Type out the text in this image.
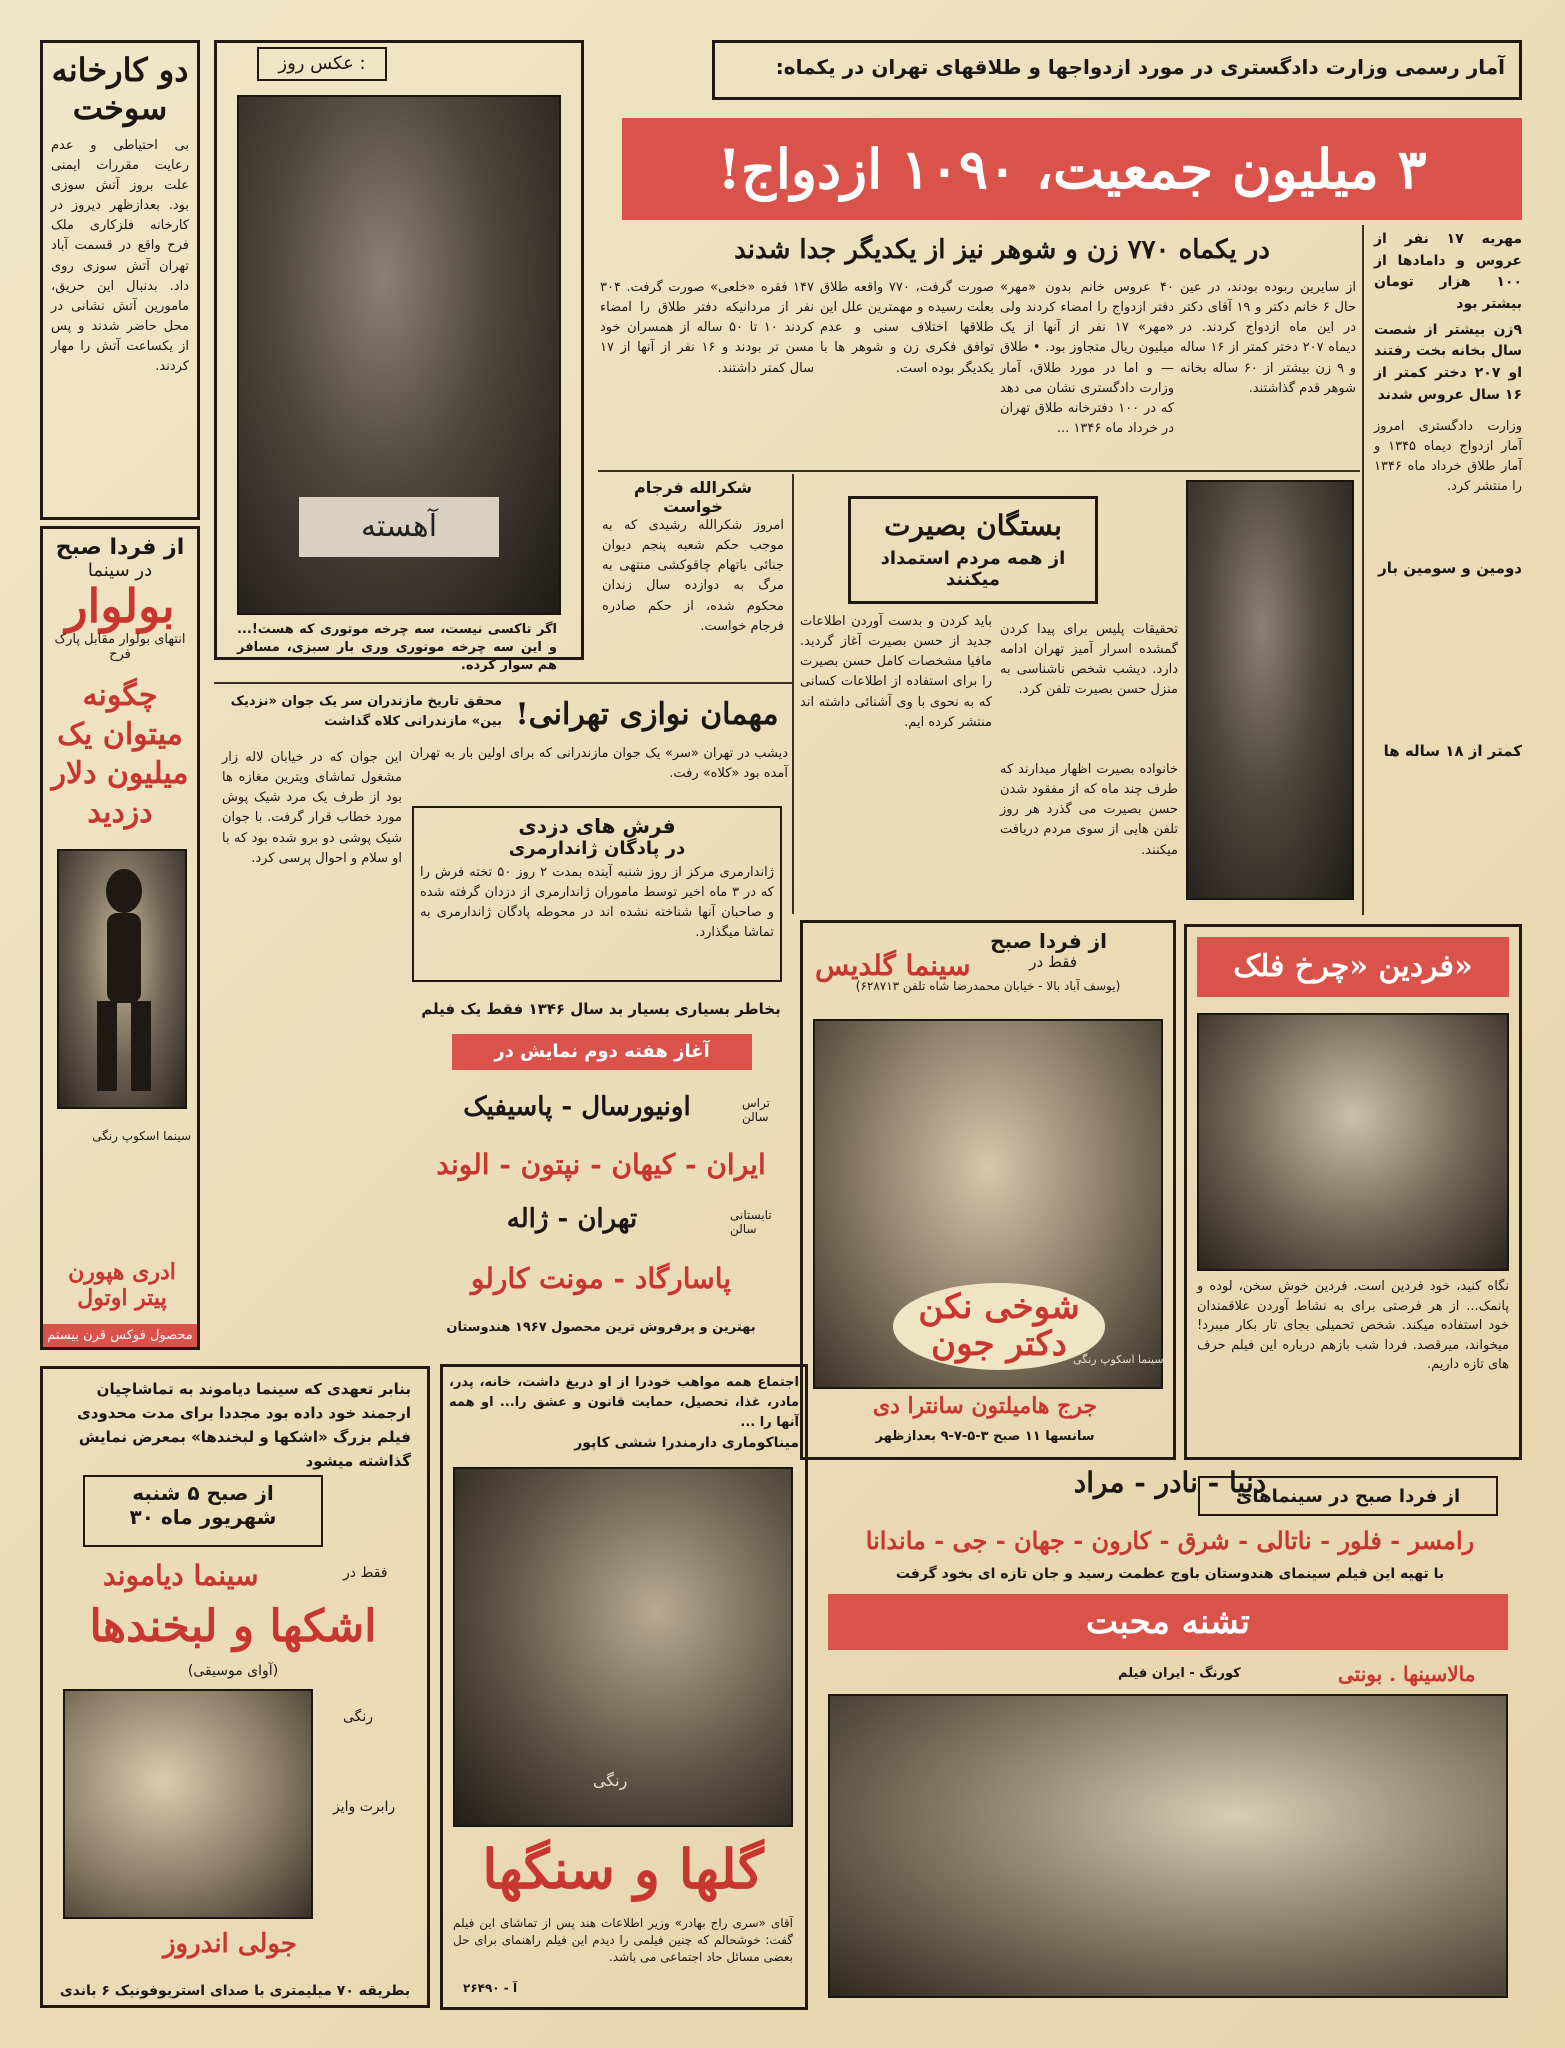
دو کارخانه سوخت
بی احتیاطی و عدم رعایت مقررات ایمنی علت بروز آتش سوزی بود. بعدازظهر دیروز در کارخانه فلزکاری ملک فرح واقع در قسمت آباد تهران آتش سوزی روی داد. بدنبال این حریق، مامورین آتش نشانی در محل حاضر شدند و پس از یکساعت آتش را مهار کردند.
از فردا صبح
در سینما
بولوار
انتهای بولوار مقابل پارک فرح
چگونه میتوان یک میلیون دلار دزدید
سینما اسکوپ رنگی
ادری هپورن پیتر اوتول
محصول فوکس قرن بیستم
بنابر تعهدی که سینما دیاموند به تماشاچیان ارجمند خود داده بود مجددا برای مدت محدودی فیلم بزرگ «اشکها و لبخندها» بمعرض نمایش گذاشته میشود
از صبح ۵ شنبه
۳۰ شهریور ماه
فقط در
سینما دیاموند
اشکها و لبخندها
(آوای موسیقی)
رنگی
رابرت وایز
جولی اندروز
بطریقه ۷۰ میلیمتری با صدای استریوفونیک ۶ باندی
عکس روز :
آهسته
اگر تاکسی نیست، سه چرخه موتوری که هست!... و این سه چرخه موتوری وری بار سبزی، مسافر هم سوار کرده.
آمار رسمی وزارت دادگستری در مورد ازدواجها و طلاقهای تهران در یکماه:
۳ میلیون جمعیت، ۱۰۹۰ ازدواج!
در یکماه ۷۷۰ زن و شوهر نیز از یکدیگر جدا شدند	مهریه ۱۷ نفر از عروس و دامادها از ۱۰۰ هزار تومان بیشتر بود
۹زن بیشتر از شصت سال بخانه بخت رفتند او ۲۰۷ دختر کمتر از ۱۶ سال عروس شدند
وزارت دادگستری امروز آمار ازدواج دیماه ۱۳۴۵ و آمار طلاق خرداد ماه ۱۳۴۶ را منتشر کرد.
دومین و سومین بار
کمتر از ۱۸ ساله ها
از سایرین ربوده بودند، در عین حال ۶ خانم دکتر و ۱۹ آقای دکتر در این ماه ازدواج کردند. در دیماه ۲۰۷ دختر کمتر از ۱۶ ساله و ۹ زن بیشتر از ۶۰ ساله بخانه شوهر قدم گذاشتند.
۴۰ عروس خانم بدون «مهر» دفتر ازدواج را امضاء کردند ولی «مهر» ۱۷ نفر از آنها از یک میلیون ریال متجاوز بود. • طلاق — و اما در مورد طلاق، آمار وزارت دادگستری نشان می دهد که در ۱۰۰ دفترخانه طلاق تهران در خرداد ماه ۱۳۴۶ ...
صورت گرفت، ۷۷۰ واقعه طلاق بعلت رسیده و مهمترین علل این طلاقها اختلاف سنی و عدم توافق فکری زن و شوهر ها با یکدیگر بوده است.
۱۴۷ فقره «خلعی» صورت گرفت. ۳۰۴ نفر از مردانیکه دفتر طلاق را امضاء کردند ۱۰ تا ۵۰ ساله از همسران خود مسن تر بودند و ۱۶ نفر از آنها از ۱۷ سال کمتر داشتند.
شکرالله فرجام خواست
امروز شکرالله رشیدی که به موجب حکم شعبه پنجم دیوان جنائی باتهام چاقوکشی منتهی به مرگ به دوازده سال زندان محکوم شده، از حکم صادره فرجام خواست.
بستگان بصیرت
از همه مردم استمداد میکنند
تحقیقات پلیس برای پیدا کردن گمشده اسرار آمیز تهران ادامه دارد. دیشب شخص ناشناسی به منزل حسن بصیرت تلفن کرد.
خانواده بصیرت اظهار میدارند که طرف چند ماه که از مفقود شدن حسن بصیرت می گذرد هر روز تلفن هایی از سوی مردم دریافت میکنند.
باید کردن و بدست آوردن اطلاعات جدید از حسن بصیرت آغاز گردید. مافیا مشخصات کامل حسن بصیرت را برای استفاده از اطلاعات کسانی که به نحوی با وی آشنائی داشته اند منتشر کرده ایم.
مهمان نوازی تهرانی!
محقق تاریخ مازندران سر یک جوان «نزدیک بین» مازندرانی کلاه گذاشت
دیشب در تهران «سر» یک جوان مازندرانی که برای اولین بار به تهران آمده بود «کلاه» رفت.
این جوان که در خیابان لاله زار مشغول تماشای ویترین مغازه ها بود از طرف یک مرد شیک پوش مورد خطاب قرار گرفت. با جوان شیک پوشی دو برو شده بود که با او سلام و احوال پرسی کرد.
فرش های دزدی
در پادگان ژاندارمری
ژاندارمری مرکز از روز شنبه آینده بمدت ۲ روز ۵۰ تخته فرش را که در ۳ ماه اخیر توسط ماموران ژاندارمری از دزدان گرفته شده و صاحبان آنها شناخته نشده اند در محوطه پادگان ژاندارمری به تماشا میگذارد.
بخاطر بسیاری بسیار بد سال ۱۳۴۶ فقط یک فیلم
آغاز هفته دوم نمایش در
اونیورسال - پاسیفیک	تراس سالن
ایران - کیهان - نپتون - الوند
تهران - ژاله	تابستانی سالن
پاسارگاد - مونت کارلو
بهترین و پرفروش ترین محصول ۱۹۶۷ هندوستان
اجتماع همه مواهب خودرا از او دریغ داشت، خانه، پدر، مادر، غذا، تحصیل، حمایت قانون و عشق را... او همه آنها را ...
میناکوماری دارمندرا ششی کاپور
گلها و سنگها
رنگی
آقای «سری راج بهادر» وزیر اطلاعات هند پس از تماشای این فیلم گفت: خوشحالم که چنین فیلمی را دیدم این فیلم راهنمای برای حل بعضی مسائل حاد اجتماعی می باشد.
آ - ۲۶۴۹۰
از فردا صبح
فقط در
سینما گلدیس
(یوسف آباد بالا - خیابان محمدرضا شاه تلفن ۶۲۸۷۱۳)
شوخی نکن دکتر جون سینما اسکوپ رنگی
جرج هامیلتون سانترا دی
سانسها ۱۱ صبح ۳-۵-۷-۹ بعدازظهر
فردین «چرخ فلک»
نگاه کنید، خود فردین است. فردین خوش سخن، لوده و پانمک... از هر فرصتی برای به نشاط آوردن علاقمندان خود استفاده میکند. شخص تحمیلی بجای تار بکار میبرد! میخواند، میرقصد. فردا شب بازهم درباره این فیلم حرف های تازه داریم.
دنیا - نادر - مراد
از فردا صبح در سینماهای
رامسر - فلور - ناتالی - شرق - کارون - جهان - جی - ماندانا
با تهیه این فیلم سینمای هندوستان باوج عظمت رسید و جان تازه ای بخود گرفت
تشنه محبت
مالاسینها . بونتی
کورنگ - ایران فیلم
